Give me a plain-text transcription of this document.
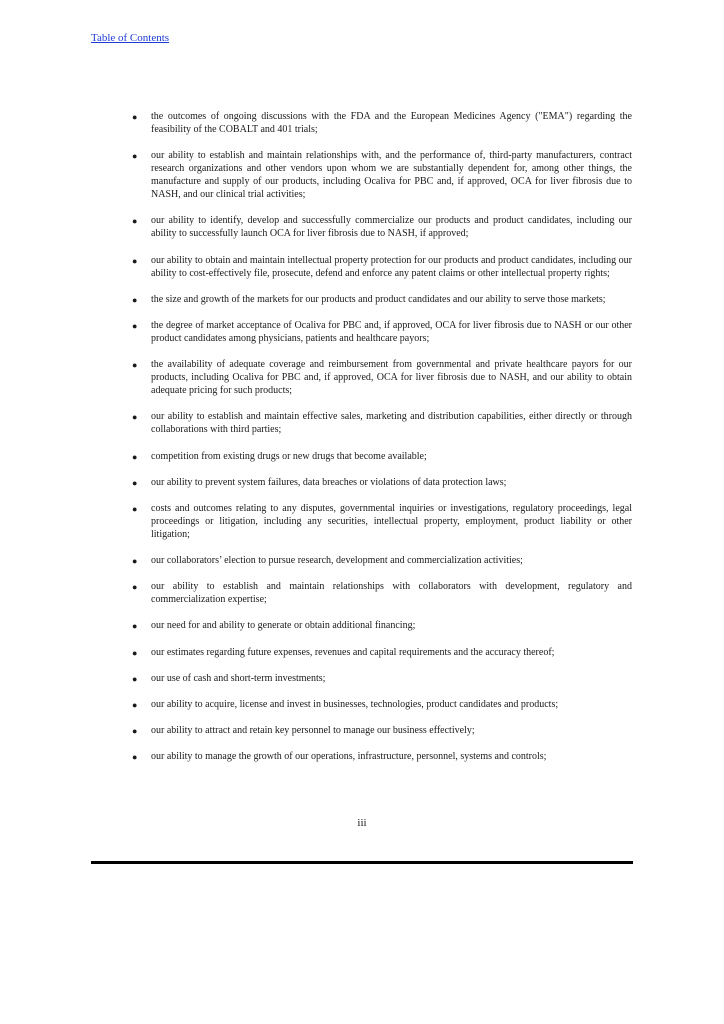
Table of Contents
● the outcomes of ongoing discussions with the FDA and the European Medicines Agency ("EMA") regarding the feasibility of the COBALT and 401 trials;
● our ability to establish and maintain relationships with, and the performance of, third-party manufacturers, contract research organizations and other vendors upon whom we are substantially dependent for, among other things, the manufacture and supply of our products, including Ocaliva for PBC and, if approved, OCA for liver fibrosis due to NASH, and our clinical trial activities;
● our ability to identify, develop and successfully commercialize our products and product candidates, including our ability to successfully launch OCA for liver fibrosis due to NASH, if approved;
● our ability to obtain and maintain intellectual property protection for our products and product candidates, including our ability to cost-effectively file, prosecute, defend and enforce any patent claims or other intellectual property rights;
● the size and growth of the markets for our products and product candidates and our ability to serve those markets;
● the degree of market acceptance of Ocaliva for PBC and, if approved, OCA for liver fibrosis due to NASH or our other product candidates among physicians, patients and healthcare payors;
● the availability of adequate coverage and reimbursement from governmental and private healthcare payors for our products, including Ocaliva for PBC and, if approved, OCA for liver fibrosis due to NASH, and our ability to obtain adequate pricing for such products;
● our ability to establish and maintain effective sales, marketing and distribution capabilities, either directly or through collaborations with third parties;
● competition from existing drugs or new drugs that become available;
● our ability to prevent system failures, data breaches or violations of data protection laws;
● costs and outcomes relating to any disputes, governmental inquiries or investigations, regulatory proceedings, legal proceedings or litigation, including any securities, intellectual property, employment, product liability or other litigation;
● our collaborators’ election to pursue research, development and commercialization activities;
● our ability to establish and maintain relationships with collaborators with development, regulatory and commercialization expertise;
● our need for and ability to generate or obtain additional financing;
● our estimates regarding future expenses, revenues and capital requirements and the accuracy thereof;
● our use of cash and short-term investments;
● our ability to acquire, license and invest in businesses, technologies, product candidates and products;
● our ability to attract and retain key personnel to manage our business effectively;
● our ability to manage the growth of our operations, infrastructure, personnel, systems and controls;
iii
